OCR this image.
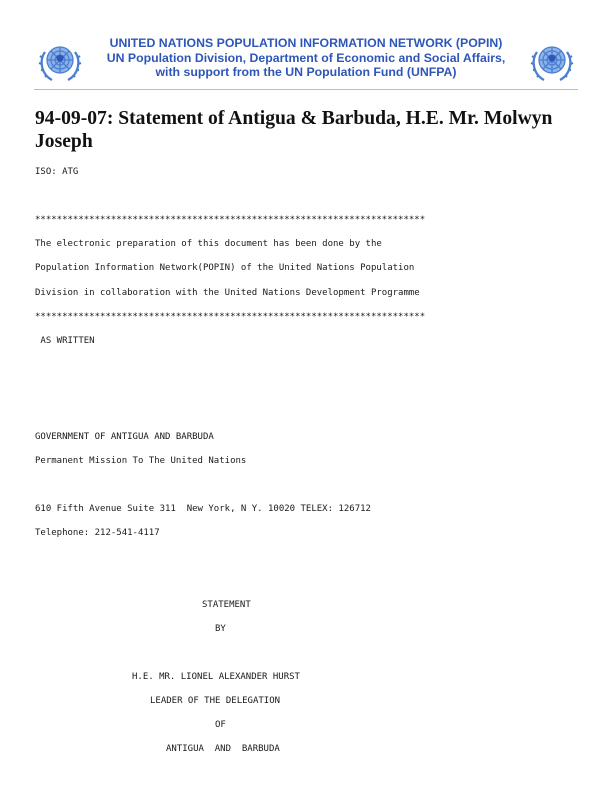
UNITED NATIONS POPULATION INFORMATION NETWORK (POPIN)
UN Population Division, Department of Economic and Social Affairs,
with support from the UN Population Fund (UNFPA)
94-09-07: Statement of Antigua & Barbuda, H.E. Mr. Molwyn Joseph
ISO: ATG
************************************************************************
The electronic preparation of this document has been done by the
Population Information Network(POPIN) of the United Nations Population
Division in collaboration with the United Nations Development Programme
************************************************************************
AS WRITTEN
GOVERNMENT OF ANTIGUA AND BARBUDA
Permanent Mission To The United Nations
610 Fifth Avenue Suite 311  New York, N Y. 10020 TELEX: 126712
Telephone: 212-541-4117
STATEMENT
BY
H.E. MR. LIONEL ALEXANDER HURST
LEADER OF THE DELEGATION
OF
ANTIGUA  AND  BARBUDA
